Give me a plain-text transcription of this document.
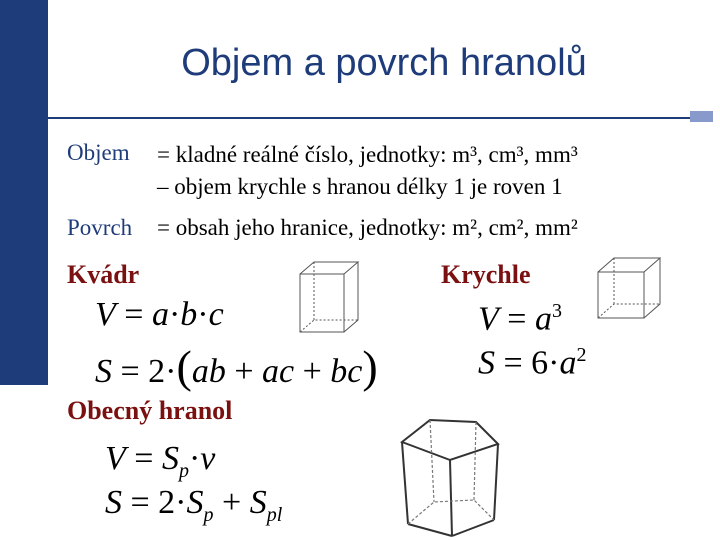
Objem a povrch hranolů
Objem = kladné reálné číslo, jednotky: m³, cm³, mm³
– objem krychle s hranou délky 1 je roven 1
Povrch = obsah jeho hranice, jednotky: m², cm², mm²
Kvádr
V = a·b·c
S = 2·(ab + ac + bc)
Krychle
$V = a^3$
$S = 6\cdot a^2$
Obecný hranol
$V = S_p\cdot v$
$S = 2\cdot S_p + S_{pl}$
